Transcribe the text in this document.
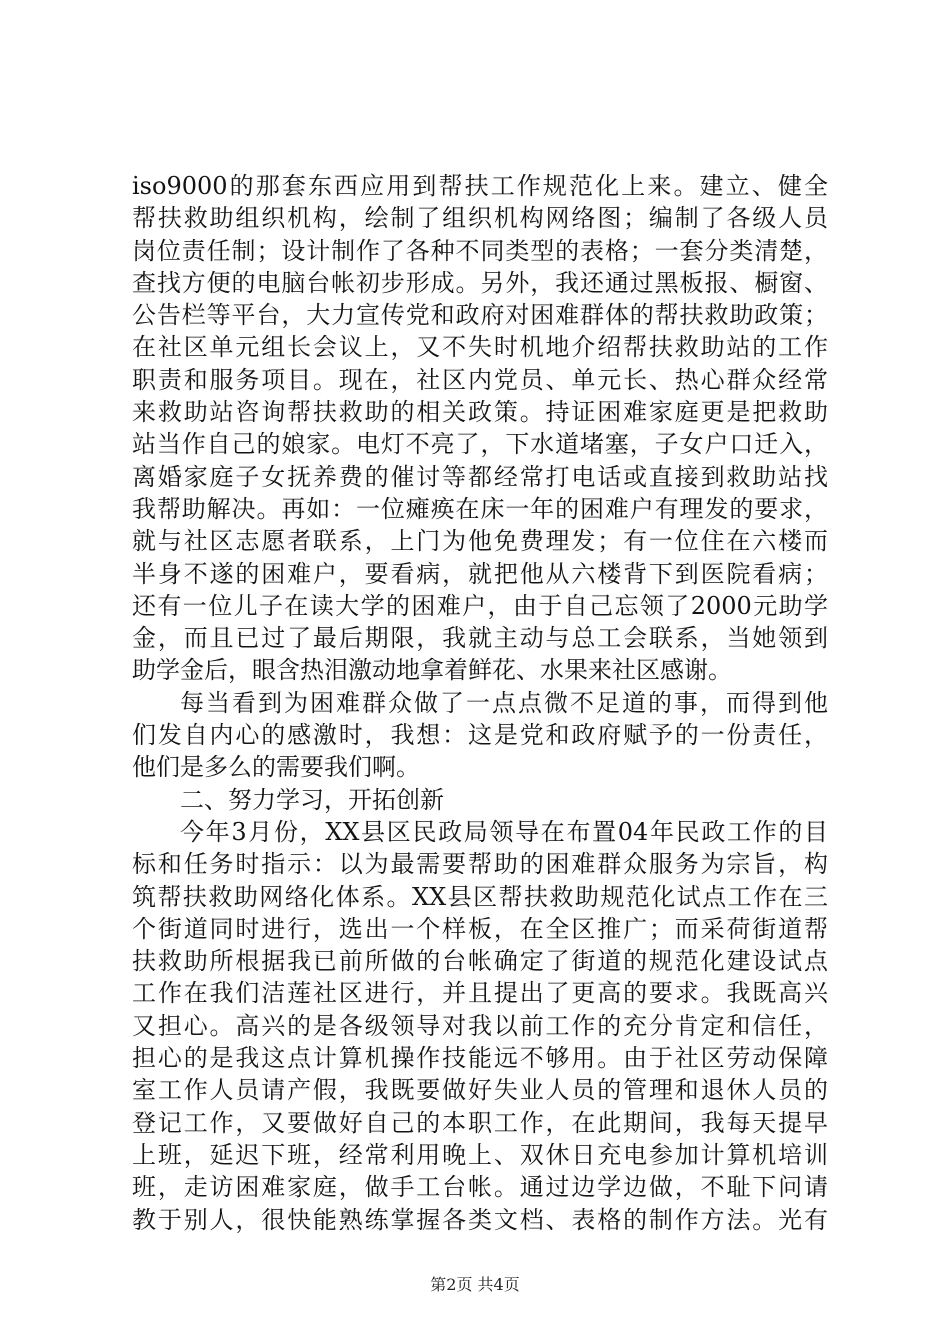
iso9000的那套东西应用到帮扶工作规范化上来。建立、健全
帮扶救助组织机构，绘制了组织机构网络图；编制了各级人员
岗位责任制；设计制作了各种不同类型的表格；一套分类清楚，
查找方便的电脑台帐初步形成。另外，我还通过黑板报、橱窗、
公告栏等平台，大力宣传党和政府对困难群体的帮扶救助政策；
在社区单元组长会议上，又不失时机地介绍帮扶救助站的工作
职责和服务项目。现在，社区内党员、单元长、热心群众经常
来救助站咨询帮扶救助的相关政策。持证困难家庭更是把救助
站当作自己的娘家。电灯不亮了，下水道堵塞，子女户口迁入，
离婚家庭子女抚养费的催讨等都经常打电话或直接到救助站找
我帮助解决。再如：一位瘫痪在床一年的困难户有理发的要求，
就与社区志愿者联系，上门为他免费理发；有一位住在六楼而
半身不遂的困难户，要看病，就把他从六楼背下到医院看病；
还有一位儿子在读大学的困难户，由于自己忘领了2000元助学
金，而且已过了最后期限，我就主动与总工会联系，当她领到
助学金后，眼含热泪激动地拿着鲜花、水果来社区感谢。
每当看到为困难群众做了一点点微不足道的事，而得到他
们发自内心的感激时，我想：这是党和政府赋予的一份责任，
他们是多么的需要我们啊。
二、努力学习，开拓创新
今年3月份，XX县区民政局领导在布置04年民政工作的目
标和任务时指示：以为最需要帮助的困难群众服务为宗旨，构
筑帮扶救助网络化体系。XX县区帮扶救助规范化试点工作在三
个街道同时进行，选出一个样板，在全区推广；而采荷街道帮
扶救助所根据我已前所做的台帐确定了街道的规范化建设试点
工作在我们洁莲社区进行，并且提出了更高的要求。我既高兴
又担心。高兴的是各级领导对我以前工作的充分肯定和信任，
担心的是我这点计算机操作技能远不够用。由于社区劳动保障
室工作人员请产假，我既要做好失业人员的管理和退休人员的
登记工作，又要做好自己的本职工作，在此期间，我每天提早
上班，延迟下班，经常利用晚上、双休日充电参加计算机培训
班，走访困难家庭，做手工台帐。通过边学边做，不耻下问请
教于别人，很快能熟练掌握各类文档、表格的制作方法。光有
第2页 共4页
